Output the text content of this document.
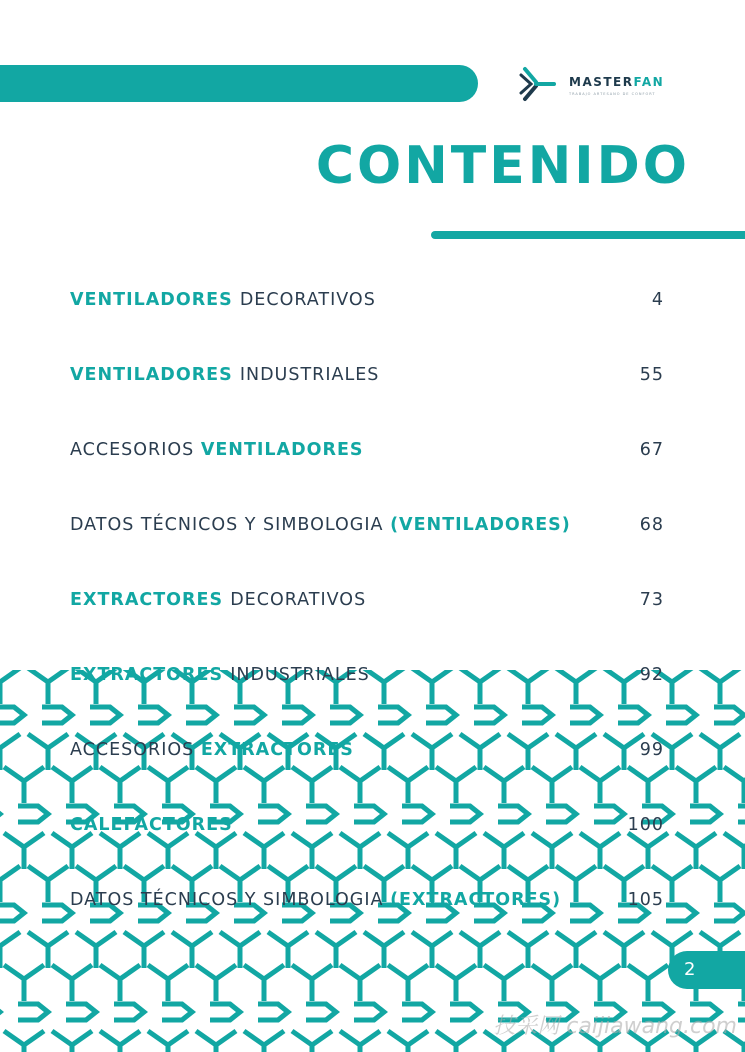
MASTERFAN
TRABAJO ARTESANO DE CONFORT
CONTENIDO
VENTILADORES DECORATIVOS	4
VENTILADORES INDUSTRIALES	55
ACCESORIOS VENTILADORES	67
DATOS TÉCNICOS Y SIMBOLOGIA (VENTILADORES)	68
EXTRACTORES DECORATIVOS	73
EXTRACTORES INDUSTRIALES	92
ACCESORIOS EXTRACTORES	99
CALEFACTORES	100
DATOS TÉCNICOS Y SIMBOLOGIA (EXTRACTORES)	105
2
技采网 caijiawang.com
